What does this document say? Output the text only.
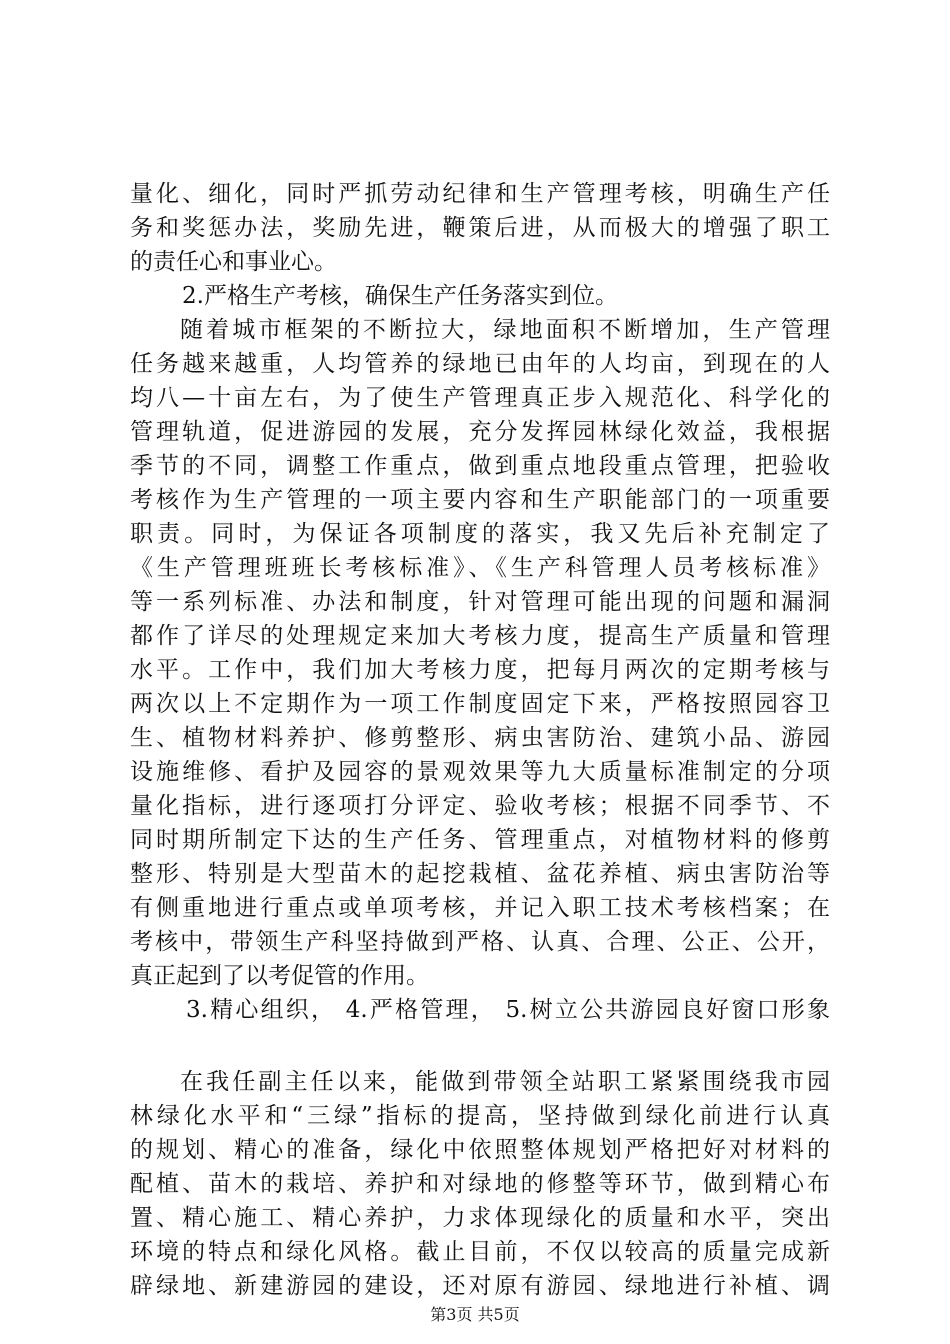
量化、细化，同时严抓劳动纪律和生产管理考核，明确生产任
务和奖惩办法，奖励先进，鞭策后进，从而极大的增强了职工
的责任心和事业心。
2.严格生产考核，确保生产任务落实到位。
随着城市框架的不断拉大，绿地面积不断增加，生产管理
任务越来越重，人均管养的绿地已由年的人均亩，到现在的人
均八—十亩左右，为了使生产管理真正步入规范化、科学化的
管理轨道，促进游园的发展，充分发挥园林绿化效益，我根据
季节的不同，调整工作重点，做到重点地段重点管理，把验收
考核作为生产管理的一项主要内容和生产职能部门的一项重要
职责。同时，为保证各项制度的落实，我又先后补充制定了
《生产管理班班长考核标准》、《生产科管理人员考核标准》
等一系列标准、办法和制度，针对管理可能出现的问题和漏洞
都作了详尽的处理规定来加大考核力度，提高生产质量和管理
水平。工作中，我们加大考核力度，把每月两次的定期考核与
两次以上不定期作为一项工作制度固定下来，严格按照园容卫
生、植物材料养护、修剪整形、病虫害防治、建筑小品、游园
设施维修、看护及园容的景观效果等九大质量标准制定的分项
量化指标，进行逐项打分评定、验收考核；根据不同季节、不
同时期所制定下达的生产任务、管理重点，对植物材料的修剪
整形、特别是大型苗木的起挖栽植、盆花养植、病虫害防治等
有侧重地进行重点或单项考核，并记入职工技术考核档案；在
考核中，带领生产科坚持做到严格、认真、合理、公正、公开，
真正起到了以考促管的作用。
3.精心组织， 4.严格管理， 5.树立公共游园良好窗口形象
在我任副主任以来，能做到带领全站职工紧紧围绕我市园
林绿化水平和“三绿”指标的提高，坚持做到绿化前进行认真
的规划、精心的准备，绿化中依照整体规划严格把好对材料的
配植、苗木的栽培、养护和对绿地的修整等环节，做到精心布
置、精心施工、精心养护，力求体现绿化的质量和水平，突出
环境的特点和绿化风格。截止目前，不仅以较高的质量完成新
辟绿地、新建游园的建设，还对原有游园、绿地进行补植、调
第3页 共5页
